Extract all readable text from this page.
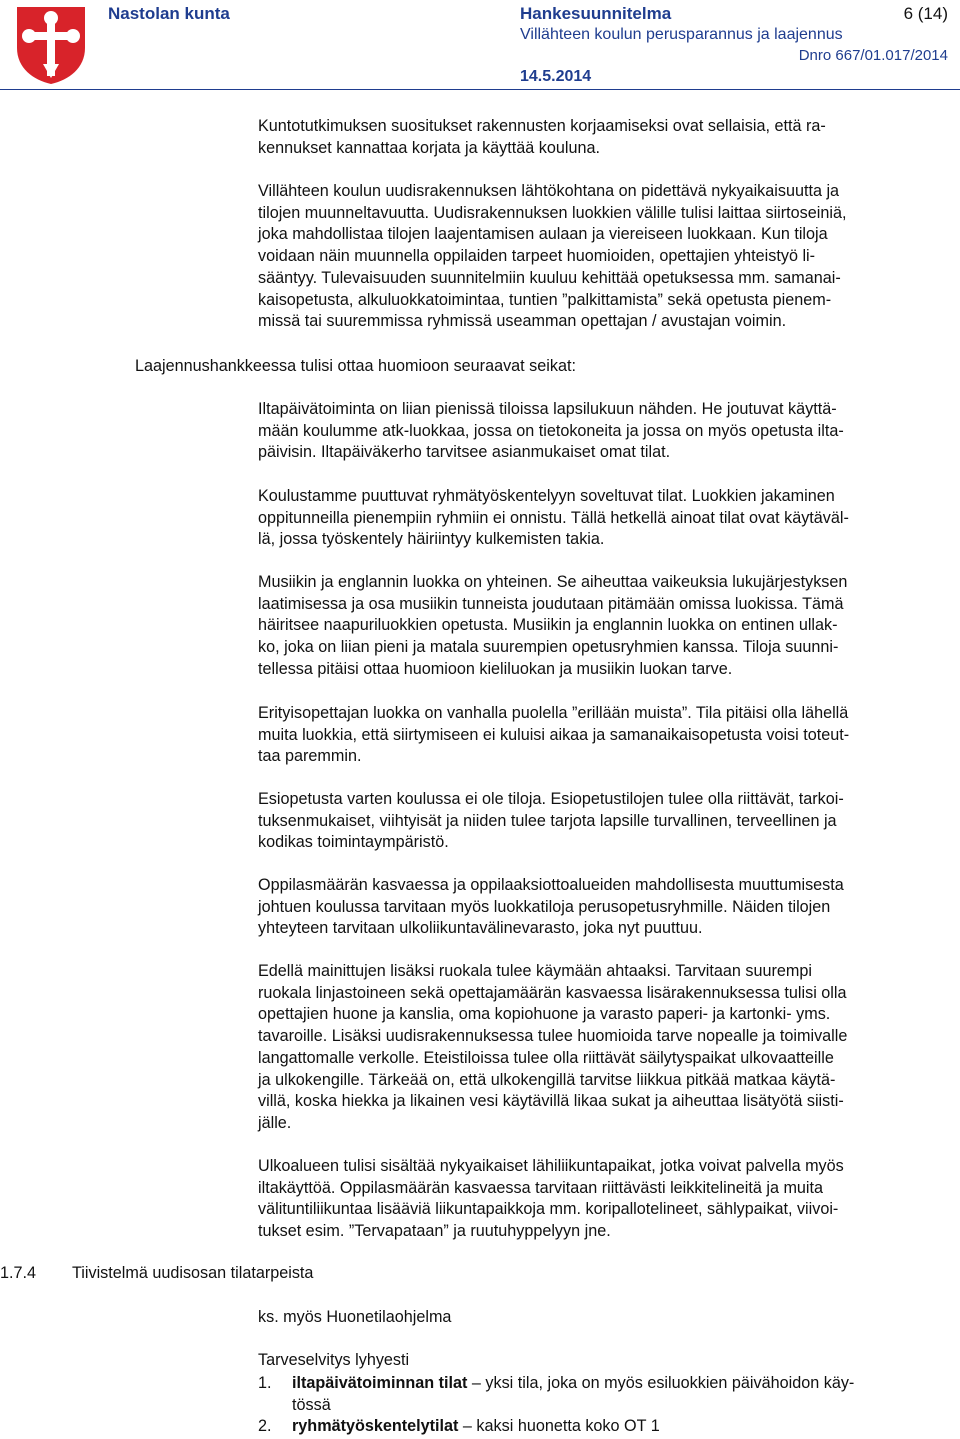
Nastolan kunta	Hankesuunnitelma
Villähteen koulun perusparannus ja laajennus
6 (14)
Dnro 667/01.017/2014
14.5.2014

Kuntotutkimuksen suositukset rakennusten korjaamiseksi ovat sellaisia, että ra-
kennukset kannattaa korjata ja käyttää kouluna.

Villähteen koulun uudisrakennuksen lähtökohtana on pidettävä nykyaikaisuutta ja
tilojen muunneltavuutta. Uudisrakennuksen luokkien välille tulisi laittaa siirtoseiniä,
joka mahdollistaa tilojen laajentamisen aulaan ja viereiseen luokkaan. Kun tiloja
voidaan näin muunnella oppilaiden tarpeet huomioiden, opettajien yhteistyö li-
sääntyy. Tulevaisuuden suunnitelmiin kuuluu kehittää opetuksessa mm. samanai-
kaisopetusta, alkuluokkatoimintaa, tuntien ”palkittamista” sekä opetusta pienem-
missä tai suuremmissa ryhmissä useamman opettajan / avustajan voimin.

Laajennushankkeessa tulisi ottaa huomioon seuraavat seikat:

Iltapäivätoiminta on liian pienissä tiloissa lapsilukuun nähden. He joutuvat käyttä-
mään koulumme atk-luokkaa, jossa on tietokoneita ja jossa on myös opetusta ilta-
päivisin. Iltapäiväkerho tarvitsee asianmukaiset omat tilat.

Koulustamme puuttuvat ryhmätyöskentelyyn soveltuvat tilat. Luokkien jakaminen
oppitunneilla pienempiin ryhmiin ei onnistu. Tällä hetkellä ainoat tilat ovat käytäväl-
lä, jossa työskentely häiriintyy kulkemisten takia.

Musiikin ja englannin luokka on yhteinen. Se aiheuttaa vaikeuksia lukujärjestyksen
laatimisessa ja osa musiikin tunneista joudutaan pitämään omissa luokissa. Tämä
häiritsee naapuriluokkien opetusta. Musiikin ja englannin luokka on entinen ullak-
ko, joka on liian pieni ja matala suurempien opetusryhmien kanssa. Tiloja suunni-
tellessa pitäisi ottaa huomioon kieliluokan ja musiikin luokan tarve.

Erityisopettajan luokka on vanhalla puolella ”erillään muista”. Tila pitäisi olla lähellä
muita luokkia, että siirtymiseen ei kuluisi aikaa ja samanaikaisopetusta voisi toteut-
taa paremmin.

Esiopetusta varten koulussa ei ole tiloja. Esiopetustilojen tulee olla riittävät, tarkoi-
tuksenmukaiset, viihtyisät ja niiden tulee tarjota lapsille turvallinen, terveellinen ja
kodikas toimintaympäristö.

Oppilasmäärän kasvaessa ja oppilaaksiottoalueiden mahdollisesta muuttumisesta
johtuen koulussa tarvitaan myös luokkatiloja perusopetusryhmille. Näiden tilojen
yhteyteen tarvitaan ulkoliikuntavälinevarasto, joka nyt puuttuu.

Edellä mainittujen lisäksi ruokala tulee käymään ahtaaksi. Tarvitaan suurempi
ruokala linjastoineen sekä opettajamäärän kasvaessa lisärakennuksessa tulisi olla
opettajien huone ja kanslia, oma kopiohuone ja varasto paperi- ja kartonki- yms.
tavaroille. Lisäksi uudisrakennuksessa tulee huomioida tarve nopealle ja toimivalle
langattomalle verkolle. Eteistiloissa tulee olla riittävät säilytyspaikat ulkovaatteille
ja ulkokengille. Tärkeää on, että ulkokengillä tarvitse liikkua pitkää matkaa käytä-
villä, koska hiekka ja likainen vesi käytävillä likaa sukat ja aiheuttaa lisätyötä siisti-
jälle.

Ulkoalueen tulisi sisältää nykyaikaiset lähiliikuntapaikat, jotka voivat palvella myös
iltakäyttöä. Oppilasmäärän kasvaessa tarvitaan riittävästi leikkitelineitä ja muita
välituntiliikuntaa lisääviä liikuntapaikkoja mm. koripallotelineet, sählypaikat, viivoi-
tukset esim. ”Tervapataan” ja ruutuhyppelyyn jne.

1.7.4 Tiivistelmä uudisosan tilatarpeista

ks. myös Huonetilaohjelma

Tarveselvitys lyhyesti

1. iltapäivätoiminnan tilat – yksi tila, joka on myös esiluokkien päivähoidon käy-
tössä
2. ryhmätyöskentelytilat – kaksi huonetta koko OT 1
